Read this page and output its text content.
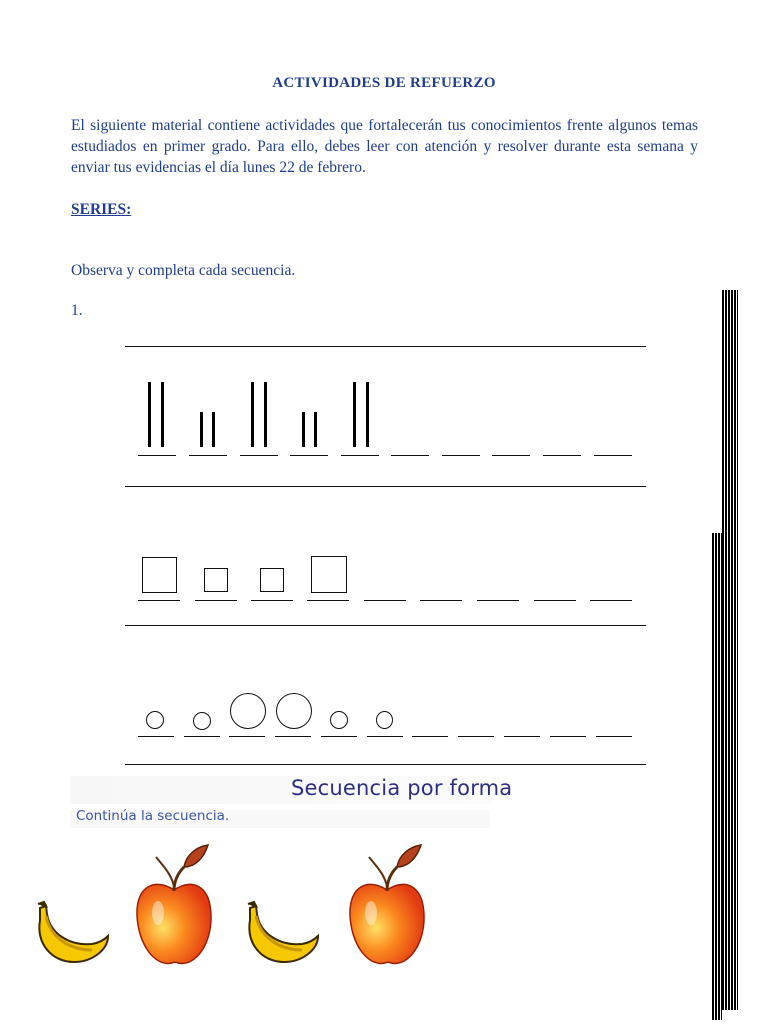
ACTIVIDADES DE REFUERZO
El siguiente material contiene actividades que fortalecerán tus conocimientos frente algunos temas estudiados en primer grado. Para ello, debes leer con atención y resolver durante esta semana y enviar tus evidencias el día lunes 22 de febrero.
SERIES:
Observa y completa cada secuencia.
1.
Secuencia por forma
Continúa la secuencia.
